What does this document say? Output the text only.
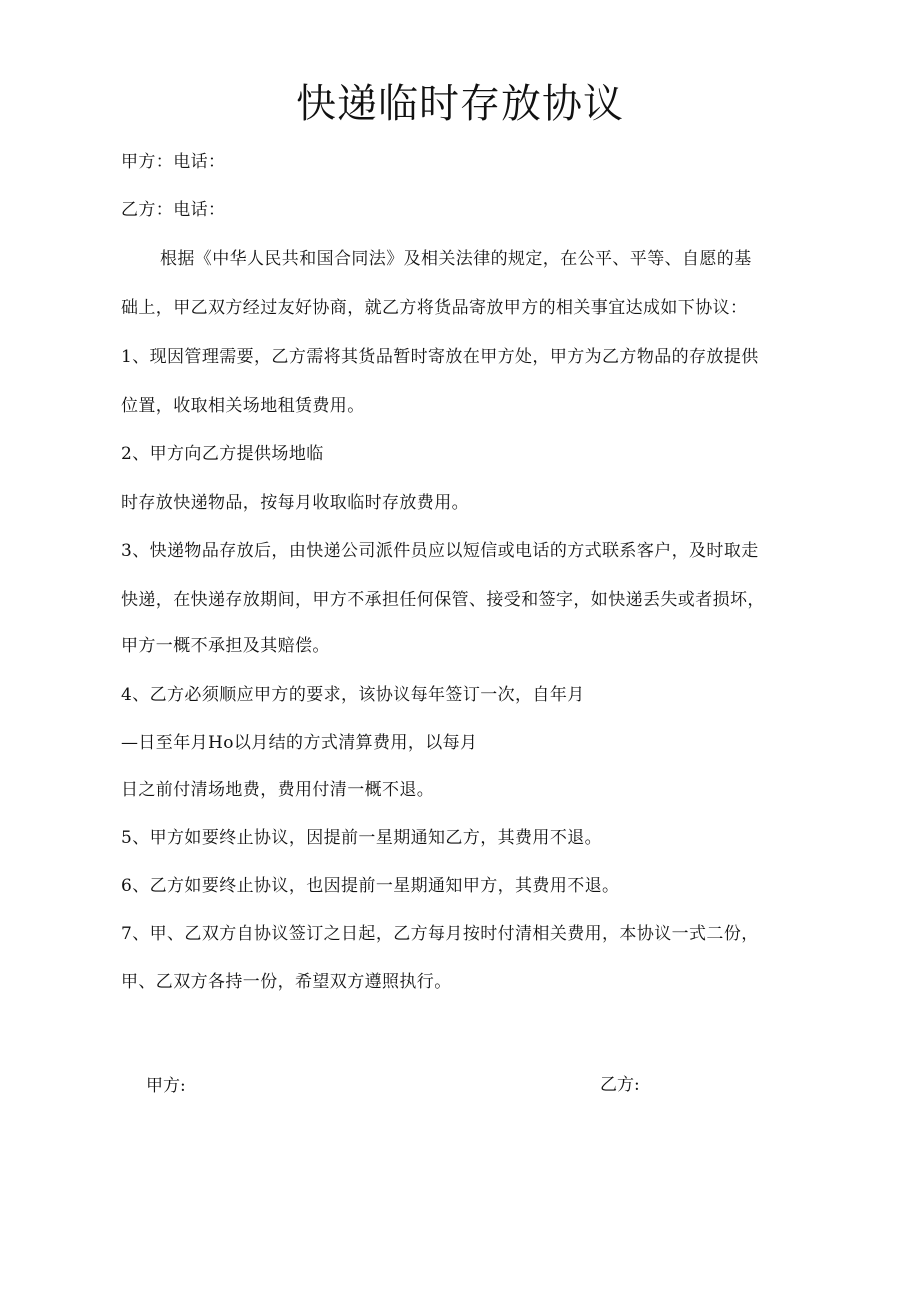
快递临时存放协议
甲方：电话：
乙方：电话：
根据《中华人民共和国合同法》及相关法律的规定，在公平、平等、自愿的基
础上，甲乙双方经过友好协商，就乙方将货品寄放甲方的相关事宜达成如下协议：
1、现因管理需要，乙方需将其货品暂时寄放在甲方处，甲方为乙方物品的存放提供
位置，收取相关场地租赁费用。
2、甲方向乙方提供场地临
时存放快递物品，按每月收取临时存放费用。
3、快递物品存放后，由快递公司派件员应以短信或电话的方式联系客户，及时取走
快递，在快递存放期间，甲方不承担任何保管、接受和签字，如快递丢失或者损坏，
甲方一概不承担及其赔偿。
4、乙方必须顺应甲方的要求，该协议每年签订一次，自年月
—日至年月Ho以月结的方式清算费用，以每月
日之前付清场地费，费用付清一概不退。
5、甲方如要终止协议，因提前一星期通知乙方，其费用不退。
6、乙方如要终止协议，也因提前一星期通知甲方，其费用不退。
7、甲、乙双方自协议签订之日起，乙方每月按时付清相关费用，本协议一式二份，
甲、乙双方各持一份，希望双方遵照执行。
甲方:	乙方:
